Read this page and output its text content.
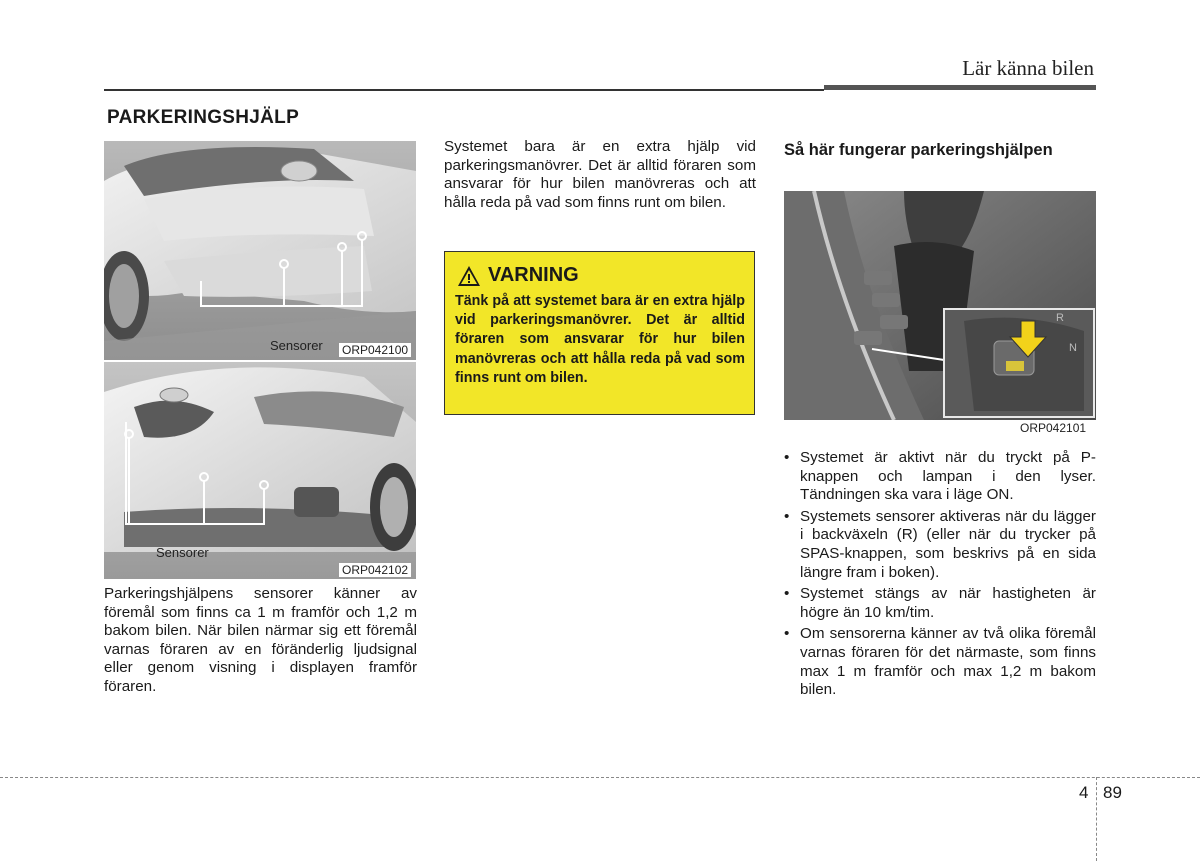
Lär känna bilen
PARKERINGSHJÄLP
Sensorer ORP042100
Sensorer
ORP042102
Parkeringshjälpens sensorer känner av föremål som finns ca 1 m framför och 1,2 m bakom bilen. När bilen närmar sig ett föremål varnas föraren av en föränderlig ljudsignal eller genom visning i displayen framför föraren.
Systemet bara är en extra hjälp vid parkeringsmanövrer. Det är alltid föraren som ansvarar för hur bilen manövreras och att hålla reda på vad som finns runt om bilen.
VARNING
Tänk på att systemet bara är en extra hjälp vid parkeringsmanövrer. Det är alltid föraren som ansvarar för hur bilen manövreras och att hålla reda på vad som finns runt om bilen.
Så här fungerar parkeringshjälpen
R
N
ORP042101
• Systemet är aktivt när du tryckt på P-knappen och lampan i den lyser. Tändningen ska vara i läge ON.
• Systemets sensorer aktiveras när du lägger i backväxeln (R) (eller när du trycker på SPAS-knappen, som beskrivs på en sida längre fram i boken).
• Systemet stängs av när hastigheten är högre än 10 km/tim.
• Om sensorerna känner av två olika föremål varnas föraren för det närmaste, som finns max 1 m framför och max 1,2 m bakom bilen.
4 89
